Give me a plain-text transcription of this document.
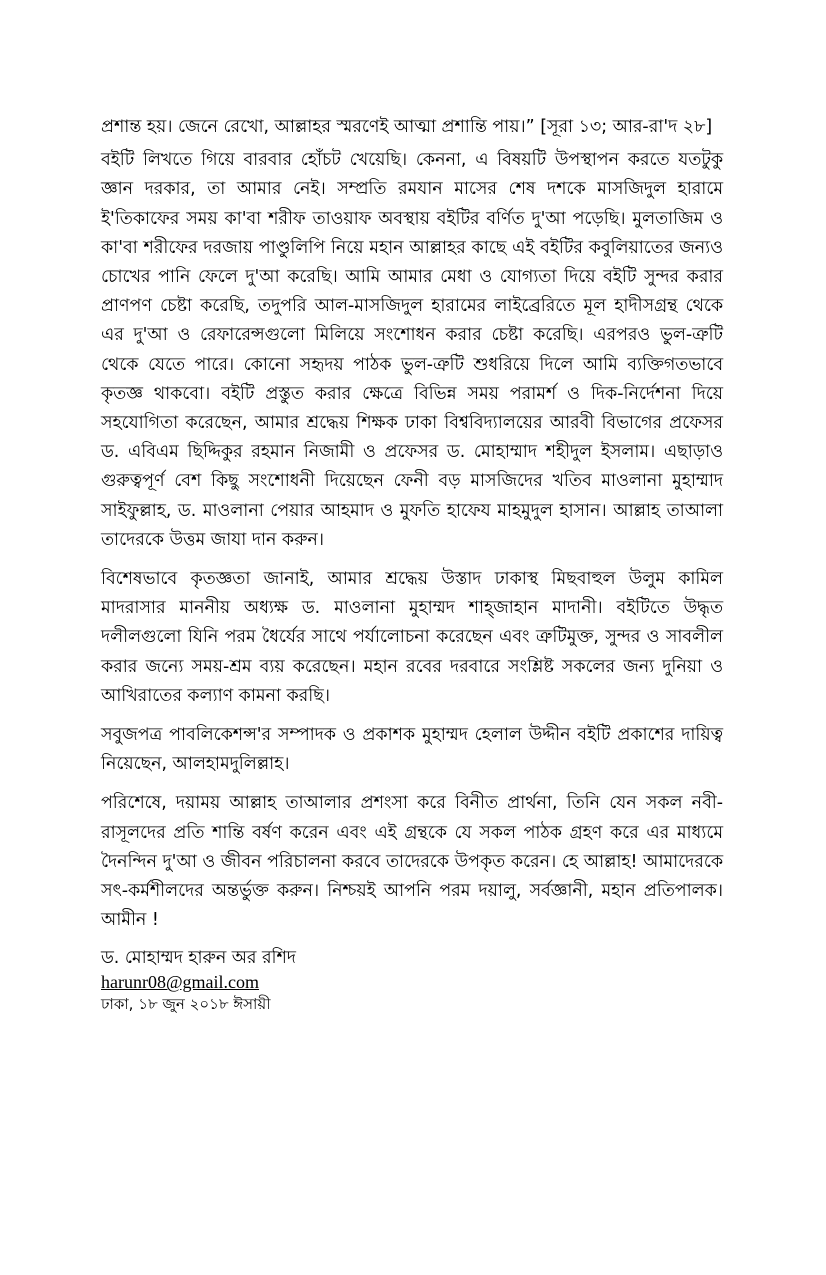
প্রশান্ত হয়। জেনে রেখো, আল্লাহর স্মরণেই আত্মা প্রশান্তি পায়।” [সূরা ১৩; আর-রা'দ ২৮]

বইটি লিখতে গিয়ে বারবার হোঁচট খেয়েছি। কেননা, এ বিষয়টি উপস্থাপন করতে যতটুকু জ্ঞান দরকার, তা আমার নেই। সম্প্রতি রমযান মাসের শেষ দশকে মাসজিদুল হারামে ই'তিকাফের সময় কা'বা শরীফ তাওয়াফ অবস্থায় বইটির বর্ণিত দু'আ পড়েছি। মুলতাজিম ও কা'বা শরীফের দরজায় পাণ্ডুলিপি নিয়ে মহান আল্লাহর কাছে এই বইটির কবুলিয়াতের জন্যও চোখের পানি ফেলে দু'আ করেছি। আমি আমার মেধা ও যোগ্যতা দিয়ে বইটি সুন্দর করার প্রাণপণ চেষ্টা করেছি, তদুপরি আল-মাসজিদুল হারামের লাইব্রেরিতে মূল হাদীসগ্রন্থ থেকে এর দু'আ ও রেফারেন্সগুলো মিলিয়ে সংশোধন করার চেষ্টা করেছি। এরপরও ভুল-ত্রুটি থেকে যেতে পারে। কোনো সহৃদয় পাঠক ভুল-ত্রুটি শুধরিয়ে দিলে আমি ব্যক্তিগতভাবে কৃতজ্ঞ থাকবো। বইটি প্রস্তুত করার ক্ষেত্রে বিভিন্ন সময় পরামর্শ ও দিক-নির্দেশনা দিয়ে সহযোগিতা করেছেন, আমার শ্রদ্ধেয় শিক্ষক ঢাকা বিশ্ববিদ্যালয়ের আরবী বিভাগের প্রফেসর ড. এবিএম ছিদ্দিকুর রহমান নিজামী ও প্রফেসর ড. মোহাম্মাদ শহীদুল ইসলাম। এছাড়াও গুরুত্বপূর্ণ বেশ কিছু সংশোধনী দিয়েছেন ফেনী বড় মাসজিদের খতিব মাওলানা মুহাম্মাদ সাইফুল্লাহ, ড. মাওলানা পেয়ার আহমাদ ও মুফতি হাফেয মাহমুদুল হাসান। আল্লাহ তাআলা তাদেরকে উত্তম জাযা দান করুন।

বিশেষভাবে কৃতজ্ঞতা জানাই, আমার শ্রদ্ধেয় উস্তাদ ঢাকাস্থ মিছবাহুল উলুম কামিল মাদরাসার মাননীয় অধ্যক্ষ ড. মাওলানা মুহাম্মদ শাহ্‌জাহান মাদানী। বইটিতে উদ্ধৃত দলীলগুলো যিনি পরম ধৈর্যের সাথে পর্যালোচনা করেছেন এবং ত্রুটিমুক্ত, সুন্দর ও সাবলীল করার জন্যে সময়-শ্রম ব্যয় করেছেন। মহান রবের দরবারে সংশ্লিষ্ট সকলের জন্য দুনিয়া ও আখিরাতের কল্যাণ কামনা করছি।

সবুজপত্র পাবলিকেশন্স'র সম্পাদক ও প্রকাশক মুহাম্মদ হেলাল উদ্দীন বইটি প্রকাশের দায়িত্ব নিয়েছেন, আলহামদুলিল্লাহ।

পরিশেষে, দয়াময় আল্লাহ তাআলার প্রশংসা করে বিনীত প্রার্থনা, তিনি যেন সকল নবী-রাসূলদের প্রতি শান্তি বর্ষণ করেন এবং এই গ্রন্থকে যে সকল পাঠক গ্রহণ করে এর মাধ্যমে দৈনন্দিন দু'আ ও জীবন পরিচালনা করবে তাদেরকে উপকৃত করেন। হে আল্লাহ! আমাদেরকে সৎ-কর্মশীলদের অন্তর্ভুক্ত করুন। নিশ্চয়ই আপনি পরম দয়ালু, সর্বজ্ঞানী, মহান প্রতিপালক। আমীন !

ড. মোহাম্মদ হারুন অর রশিদ
harunr08@gmail.com
ঢাকা, ১৮ জুন ২০১৮ ঈসায়ী
